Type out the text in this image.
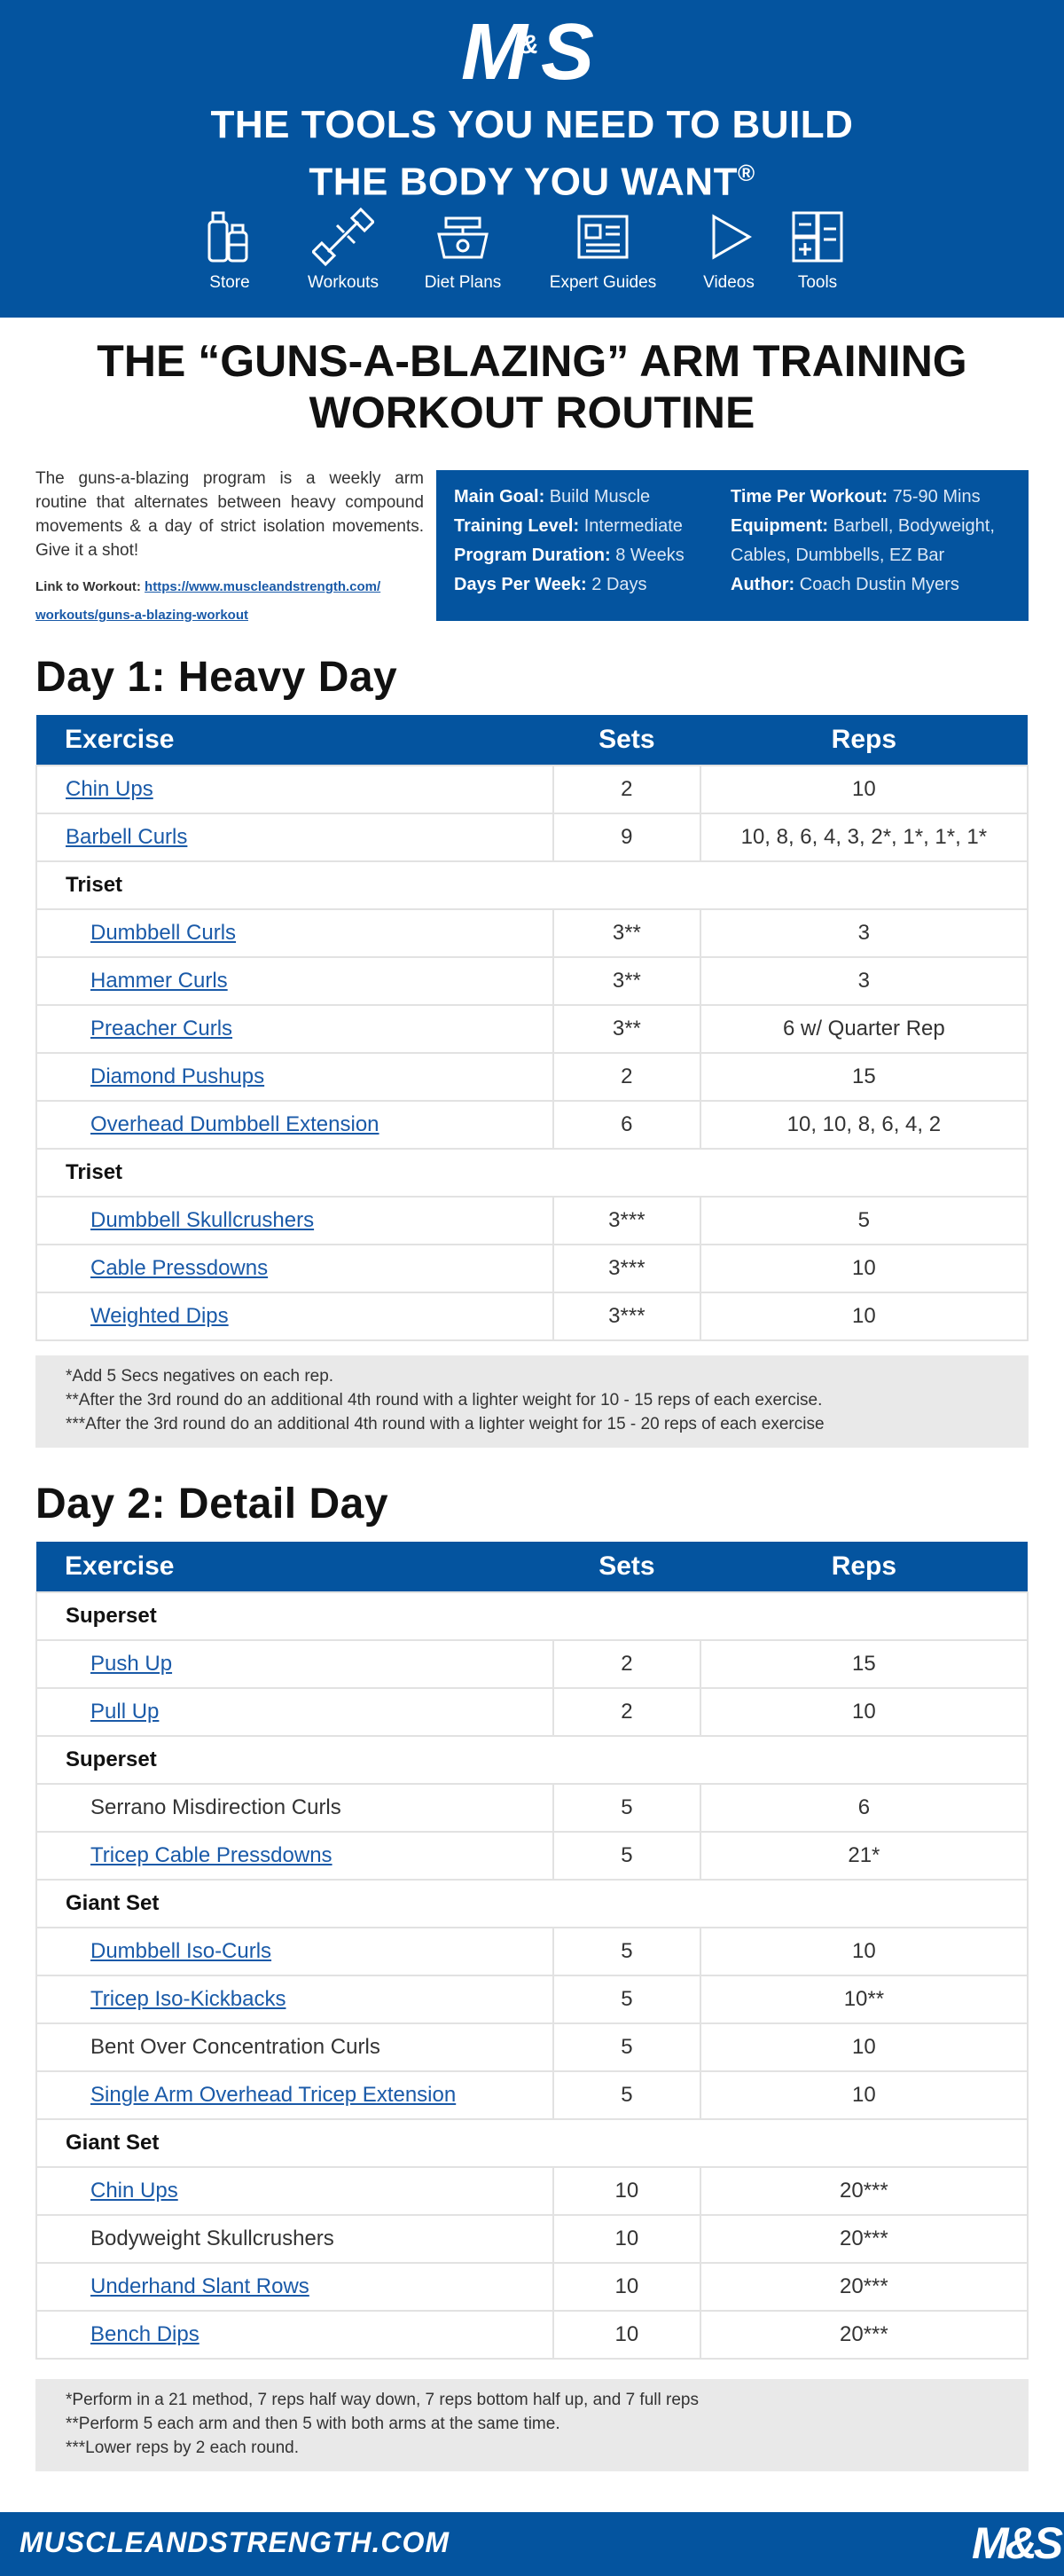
M
& S
THE TOOLS YOU NEED TO BUILD
THE BODY YOU WANT®
Store	Workouts	Diet Plans	Expert Guides	Videos	Tools
THE “GUNS-A-BLAZING” ARM TRAINING
WORKOUT ROUTINE
The guns-a-blazing program is a weekly arm routine that alternates between heavy compound movements & a day of strict isolation movements. Give it a shot!
Link to Workout: https://www.muscleandstrength.com/
workouts/guns-a-blazing-workout
Main Goal: Build Muscle
Training Level: Intermediate
Program Duration: 8 Weeks
Days Per Week: 2 Days
Time Per Workout: 75-90 Mins
Equipment: Barbell, Bodyweight,
Cables, Dumbbells, EZ Bar
Author: Coach Dustin Myers
Day 1: Heavy Day
Exercise	Sets	Reps
Chin Ups	2	10
Barbell Curls	9	10, 8, 6, 4, 3, 2*, 1*, 1*, 1*
Triset		
Dumbbell Curls	3**	3
Hammer Curls	3**	3
Preacher Curls	3**	6 w/ Quarter Rep
Diamond Pushups	2	15
Overhead Dumbbell Extension	6	10, 10, 8, 6, 4, 2
Triset		
Dumbbell Skullcrushers	3***	5
Cable Pressdowns	3***	10
Weighted Dips	3***	10
*Add 5 Secs negatives on each rep.
**After the 3rd round do an additional 4th round with a lighter weight for 10 - 15 reps of each exercise.
***After the 3rd round do an additional 4th round with a lighter weight for 15 - 20 reps of each exercise
Day 2: Detail Day
Exercise	Sets	Reps
Superset		
Push Up	2	15
Pull Up	2	10
Superset		
Serrano Misdirection Curls	5	6
Tricep Cable Pressdowns	5	21*
Giant Set		
Dumbbell Iso-Curls	5	10
Tricep Iso-Kickbacks	5	10**
Bent Over Concentration Curls	5	10
Single Arm Overhead Tricep Extension	5	10
Giant Set		
Chin Ups	10	20***
Bodyweight Skullcrushers	10	20***
Underhand Slant Rows	10	20***
Bench Dips	10	20***
*Perform in a 21 method, 7 reps half way down, 7 reps bottom half up, and 7 full reps
**Perform 5 each arm and then 5 with both arms at the same time.
***Lower reps by 2 each round.
MUSCLEANDSTRENGTH.COM	M&S
